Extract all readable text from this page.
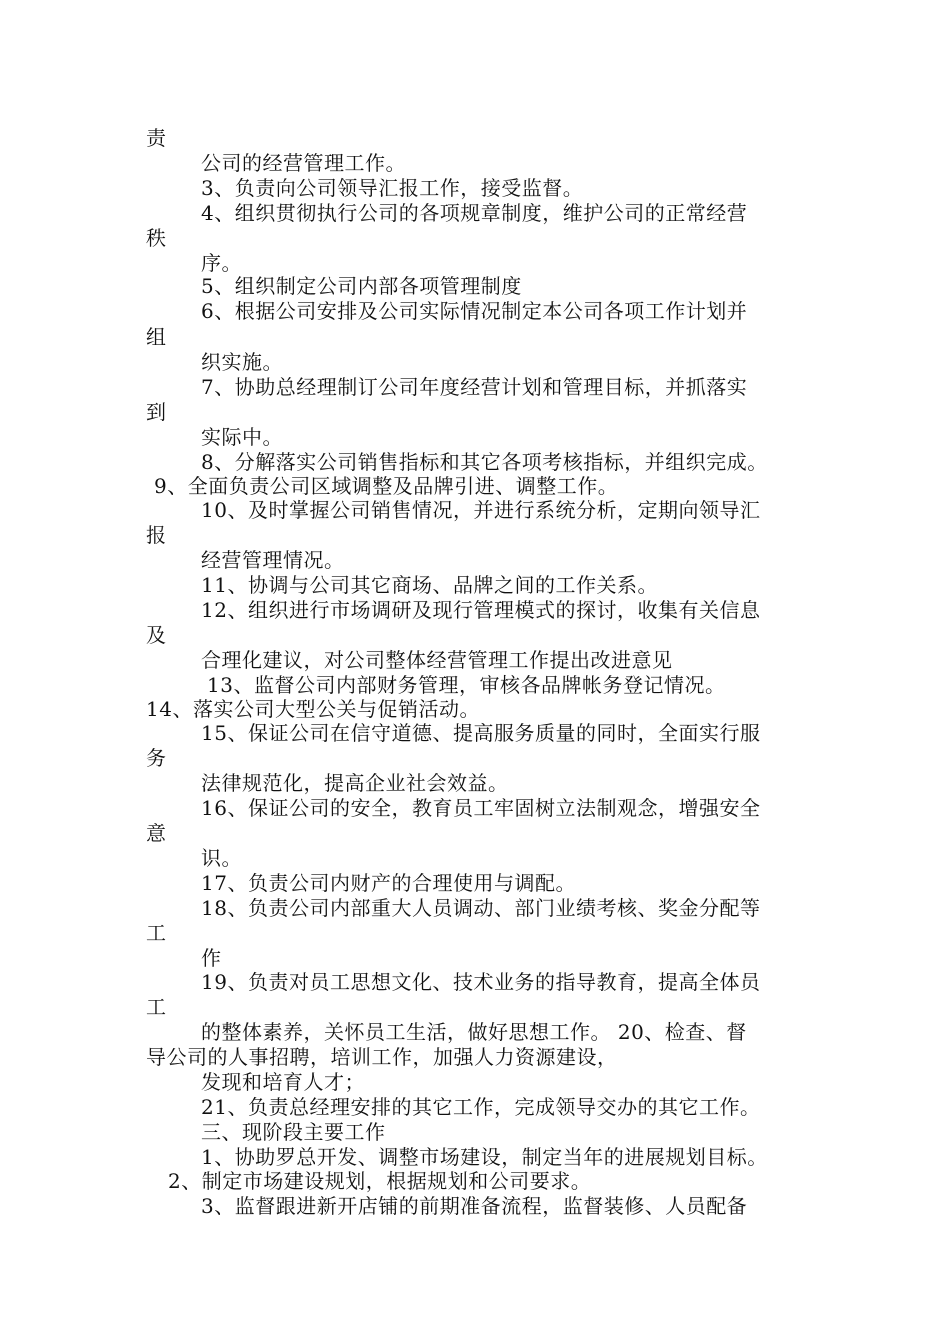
责
公司的经营管理工作。
3、负责向公司领导汇报工作，接受监督。
4、组织贯彻执行公司的各项规章制度，维护公司的正常经营
秩
序。
5、组织制定公司内部各项管理制度
6、根据公司安排及公司实际情况制定本公司各项工作计划并
组
织实施。
7、协助总经理制订公司年度经营计划和管理目标，并抓落实
到
实际中。
8、分解落实公司销售指标和其它各项考核指标，并组织完成。
9、全面负责公司区域调整及品牌引进、调整工作。
10、及时掌握公司销售情况，并进行系统分析，定期向领导汇
报
经营管理情况。
11、协调与公司其它商场、品牌之间的工作关系。
12、组织进行市场调研及现行管理模式的探讨，收集有关信息
及
合理化建议，对公司整体经营管理工作提出改进意见
13、监督公司内部财务管理，审核各品牌帐务登记情况。
14、落实公司大型公关与促销活动。
15、保证公司在信守道德、提高服务质量的同时，全面实行服
务
法律规范化，提高企业社会效益。
16、保证公司的安全，教育员工牢固树立法制观念，增强安全
意
识。
17、负责公司内财产的合理使用与调配。
18、负责公司内部重大人员调动、部门业绩考核、奖金分配等
工
作
19、负责对员工思想文化、技术业务的指导教育，提高全体员
工
的整体素养，关怀员工生活，做好思想工作。 20、检查、督
导公司的人事招聘，培训工作，加强人力资源建设，
发现和培育人才；
21、负责总经理安排的其它工作，完成领导交办的其它工作。
三、现阶段主要工作
1、协助罗总开发、调整市场建设，制定当年的进展规划目标。
2、制定市场建设规划，根据规划和公司要求。
3、监督跟进新开店铺的前期准备流程，监督装修、人员配备
